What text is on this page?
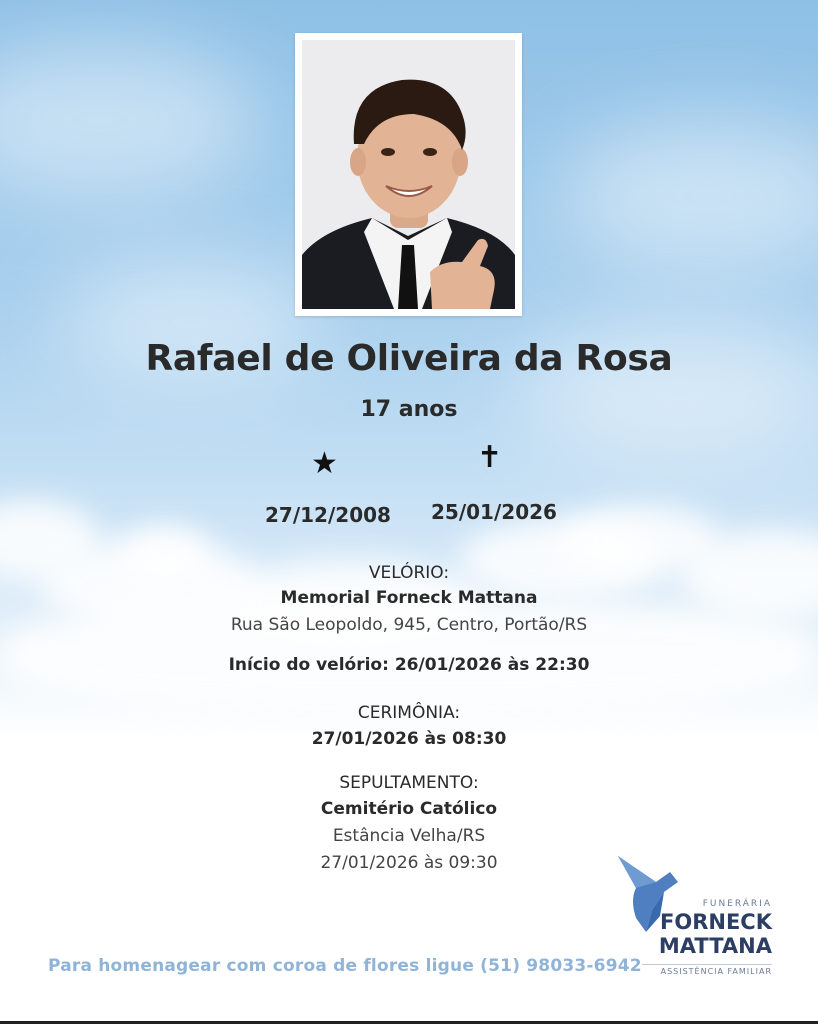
Rafael de Oliveira da Rosa
17 anos
★	✝
27/12/2008 25/01/2026
VELÓRIO:
Memorial Forneck Mattana
Rua São Leopoldo, 945, Centro, Portão/RS
Início do velório: 26/01/2026 às 22:30
CERIMÔNIA:
27/01/2026 às 08:30
SEPULTAMENTO:
Cemitério Católico
Estância Velha/RS
27/01/2026 às 09:30
Para homenagear com coroa de flores ligue (51) 98033-6942
FUNERÁRIA
FORNECK
MATTANA
ASSISTÊNCIA FAMILIAR
